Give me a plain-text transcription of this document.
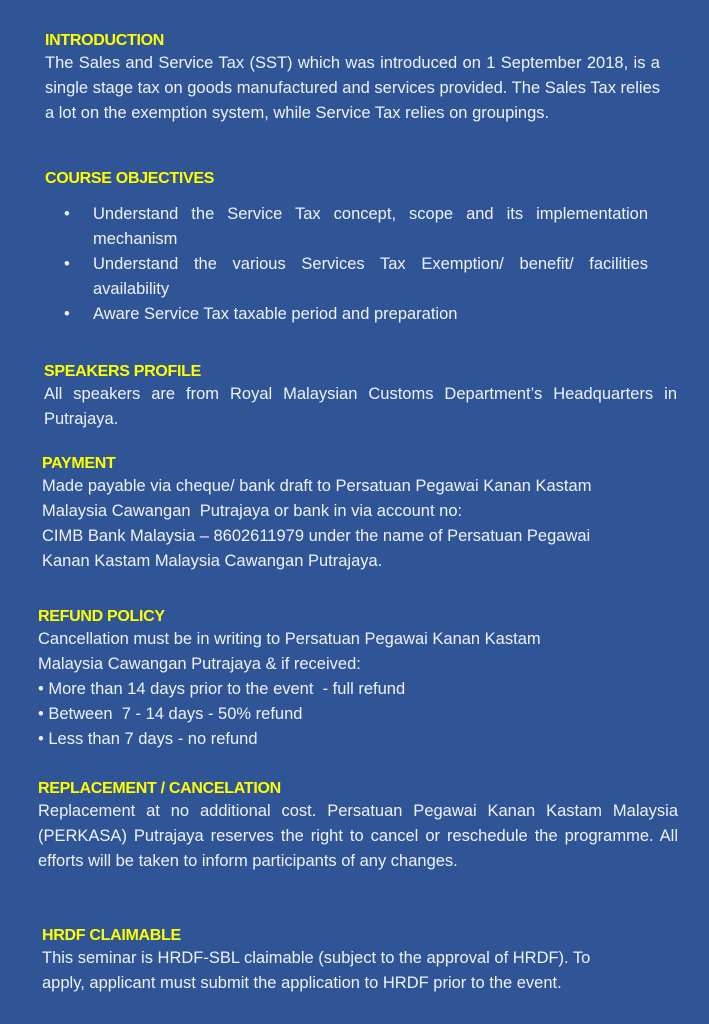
INTRODUCTION

The Sales and Service Tax (SST) which was introduced on 1 September 2018, is a single stage tax on goods manufactured and services provided. The Sales Tax relies a lot on the exemption system, while Service Tax relies on groupings.

COURSE OBJECTIVES
• Understand the Service Tax concept, scope and its implementation mechanism
• Understand the various Services Tax Exemption/ benefit/ facilities availability
• Aware Service Tax taxable period and preparation
SPEAKERS PROFILE

All speakers are from Royal Malaysian Customs Department’s Headquarters in Putrajaya.

PAYMENT

Made payable via cheque/ bank draft to Persatuan Pegawai Kanan Kastam

Malaysia Cawangan  Putrajaya or bank in via account no:

CIMB Bank Malaysia – 8602611979 under the name of Persatuan Pegawai

Kanan Kastam Malaysia Cawangan Putrajaya.

REFUND POLICY

Cancellation must be in writing to Persatuan Pegawai Kanan Kastam

Malaysia Cawangan Putrajaya & if received:

• More than 14 days prior to the event  - full refund

• Between  7 - 14 days - 50% refund

• Less than 7 days - no refund

REPLACEMENT / CANCELATION

Replacement at no additional cost. Persatuan Pegawai Kanan Kastam Malaysia (PERKASA) Putrajaya reserves the right to cancel or reschedule the programme. All efforts will be taken to inform participants of any changes.

HRDF CLAIMABLE

This seminar is HRDF-SBL claimable (subject to the approval of HRDF). To

apply, applicant must submit the application to HRDF prior to the event.
